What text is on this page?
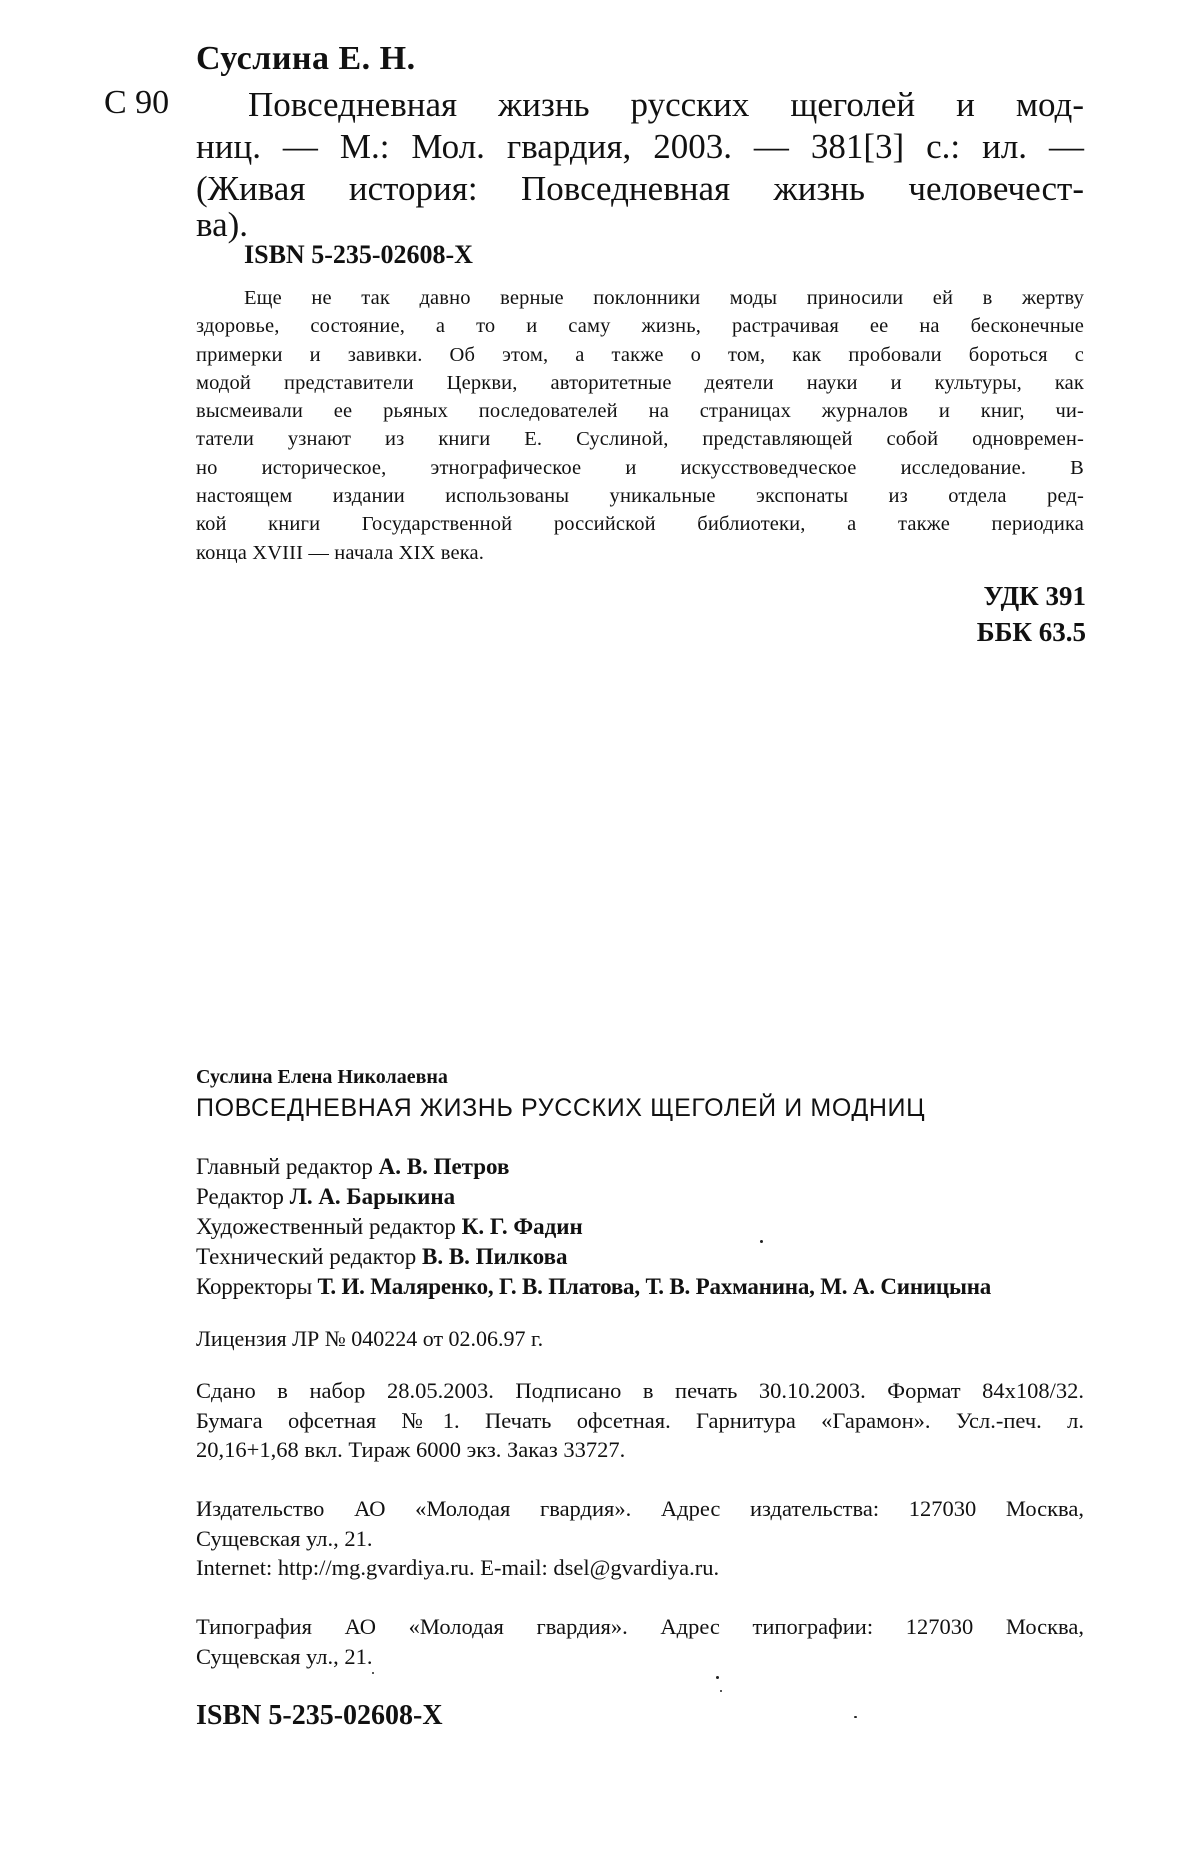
Суслина Е. Н.
С 90 Повседневная жизнь русских щеголей и мод-
ниц. — М.: Мол. гвардия, 2003. — 381[3] с.: ил. —
(Живая история: Повседневная жизнь человечест-
ва).
ISBN 5-235-02608-X
Еще не так давно верные поклонники моды приносили ей в жертву
здоровье, состояние, а то и саму жизнь, растрачивая ее на бесконечные
примерки и завивки. Об этом, а также о том, как пробовали бороться с
модой представители Церкви, авторитетные деятели науки и культуры, как
высмеивали ее рьяных последователей на страницах журналов и книг, чи-
татели узнают из книги Е. Суслиной, представляющей собой одновремен-
но историческое, этнографическое и искусствоведческое исследование. В
настоящем издании использованы уникальные экспонаты из отдела ред-
кой книги Государственной российской библиотеки, а также периодика
конца XVIII — начала XIX века.
УДК 391
ББК 63.5
Суслина Елена Николаевна
ПОВСЕДНЕВНАЯ ЖИЗНЬ РУССКИХ ЩЕГОЛЕЙ И МОДНИЦ
Главный редактор А. В. Петров
Редактор Л. А. Барыкина
Художественный редактор К. Г. Фадин
Технический редактор В. В. Пилкова
Корректоры Т. И. Маляренко, Г. В. Платова, Т. В. Рахманина, М. А. Синицына
Лицензия ЛР № 040224 от 02.06.97 г.
Сдано в набор 28.05.2003. Подписано в печать 30.10.2003. Формат 84х108/32.
Бумага офсетная №1. Печать офсетная. Гарнитура «Гарамон». Усл.-печ. л.
20,16+1,68 вкл. Тираж 6000 экз. Заказ 33727.
Издательство АО «Молодая гвардия». Адрес издательства: 127030 Москва,
Сущевская ул., 21.
Internet: http://mg.gvardiya.ru. E-mail: dsel@gvardiya.ru.
Типография АО «Молодая гвардия». Адрес типографии: 127030 Москва,
Сущевская ул., 21.
ISBN 5-235-02608-X
